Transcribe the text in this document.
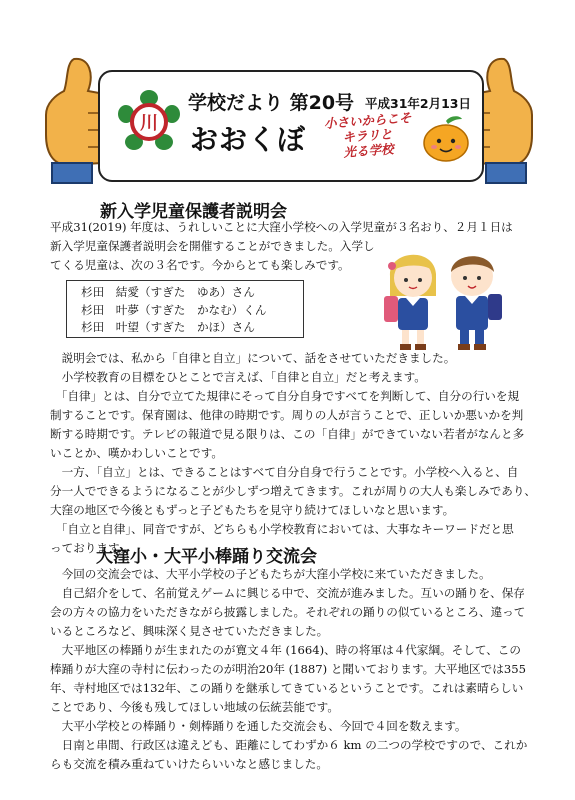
川
学校だより 第20号 平成31年2月13日
おおくぼ
小さいからこそ
キラリと
光る学校
新入学児童保護者説明会
平成31(2019) 年度は、うれしいことに大窪小学校への入学児童が３名おり、２月１日は
新入学児童保護者説明会を開催することができました。入学し
てくる児童は、次の３名です。今からとても楽しみです。
杉田　結愛（すぎた　ゆあ）さん
杉田　叶夢（すぎた　かなむ）くん
杉田　叶望（すぎた　かほ）さん
　説明会では、私から「自律と自立」について、話をさせていただきました。
　小学校教育の目標をひとことで言えば、「自律と自立」だと考えます。
　「自律」とは、自分で立てた規律にそって自分自身ですべてを判断して、自分の行いを規
制することです。保育園は、他律の時期です。周りの人が言うことで、正しいか悪いかを判
断する時期です。テレビの報道で見る限りは、この「自律」ができていない若者がなんと多
いことか、嘆かわしいことです。
　一方、「自立」とは、できることはすべて自分自身で行うことです。小学校へ入ると、自
分一人でできるようになることが少しずつ増えてきます。これが周りの大人も楽しみであり、
大窪の地区で今後ともずっと子どもたちを見守り続けてほしいなと思います。
　「自立と自律」、同音ですが、どちらも小学校教育においては、大事なキーワードだと思
っております。
大窪小・大平小棒踊り交流会
　今回の交流会では、大平小学校の子どもたちが大窪小学校に来ていただきました。
　自己紹介をして、名前覚えゲームに興じる中で、交流が進みました。互いの踊りを、保存
会の方々の協力をいただきながら披露しました。それぞれの踊りの似ているところ、違って
いるところなど、興味深く見させていただきました。
　大平地区の棒踊りが生まれたのが寛文４年 (1664)、時の将軍は４代家綱。そして、この
棒踊りが大窪の寺村に伝わったのが明治20年 (1887) と聞いております。大平地区では355
年、寺村地区では132年、この踊りを継承してきているということです。これは素晴らしい
ことであり、今後も残してほしい地域の伝統芸能です。
　大平小学校との棒踊り・剣棒踊りを通した交流会も、今回で４回を数えます。
　日南と串間、行政区は違えども、距離にしてわずか６ km の二つの学校ですので、これか
らも交流を積み重ねていけたらいいなと感じました。
